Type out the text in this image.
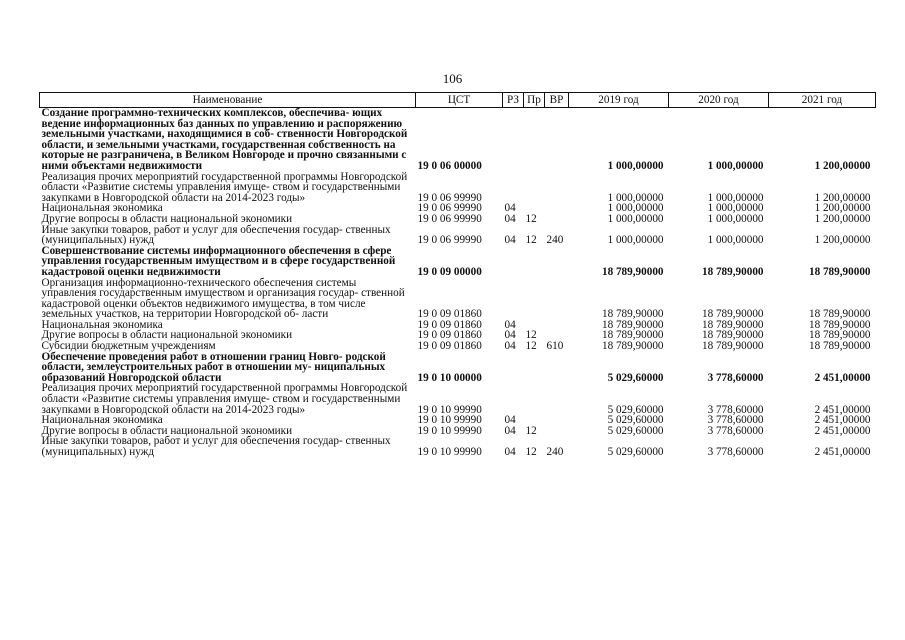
106
Наименование	ЦСТ	РЗ	Пр	ВР	2019 год	2020 год	2021 год
Создание программно-технических комплексов, обеспечива- ющих ведение информационных баз данных по управлению и распоряжению земельными участками, находящимися в соб- ственности Новгородской области, и земельными участками, государственная собственность на которые не разграничена, в Великом Новгороде и прочно связанными с ними объектами недвижимости	19 0 06 00000				1 000,00000	1 000,00000	1 200,00000
Реализация прочих мероприятий государственной программы Новгородской области «Развитие системы управления имуще- ством и государственными закупками в Новгородской области на 2014-2023 годы»	19 0 06 99990				1 000,00000	1 000,00000	1 200,00000
Национальная экономика	19 0 06 99990	04			1 000,00000	1 000,00000	1 200,00000
Другие вопросы в области национальной экономики	19 0 06 99990	04	12		1 000,00000	1 000,00000	1 200,00000
Иные закупки товаров, работ и услуг для обеспечения государ- ственных (муниципальных) нужд	19 0 06 99990	04	12	240	1 000,00000	1 000,00000	1 200,00000
Совершенствование системы информационного обеспечения в сфере управления государственным имуществом и в сфере государственной кадастровой оценки недвижимости	19 0 09 00000				18 789,90000	18 789,90000	18 789,90000
Организация информационно-технического обеспечения системы управления государственным имуществом и организация государ- ственной кадастровой оценки объектов недвижимого имущества, в том числе земельных участков, на территории Новгородской об- ласти	19 0 09 01860				18 789,90000	18 789,90000	18 789,90000
Национальная экономика	19 0 09 01860	04			18 789,90000	18 789,90000	18 789,90000
Другие вопросы в области национальной экономики	19 0 09 01860	04	12		18 789,90000	18 789,90000	18 789,90000
Субсидии бюджетным учреждениям	19 0 09 01860	04	12	610	18 789,90000	18 789,90000	18 789,90000
Обеспечение проведения работ в отношении границ Новго- родской области, землеустроительных работ в отношении му- ниципальных образований Новгородской области	19 0 10 00000				5 029,60000	3 778,60000	2 451,00000
Реализация прочих мероприятий государственной программы Новгородской области «Развитие системы управления имуще- ством и государственными закупками в Новгородской области на 2014-2023 годы»	19 0 10 99990				5 029,60000	3 778,60000	2 451,00000
Национальная экономика	19 0 10 99990	04			5 029,60000	3 778,60000	2 451,00000
Другие вопросы в области национальной экономики	19 0 10 99990	04	12		5 029,60000	3 778,60000	2 451,00000
Иные закупки товаров, работ и услуг для обеспечения государ- ственных (муниципальных) нужд	19 0 10 99990	04	12	240	5 029,60000	3 778,60000	2 451,00000
